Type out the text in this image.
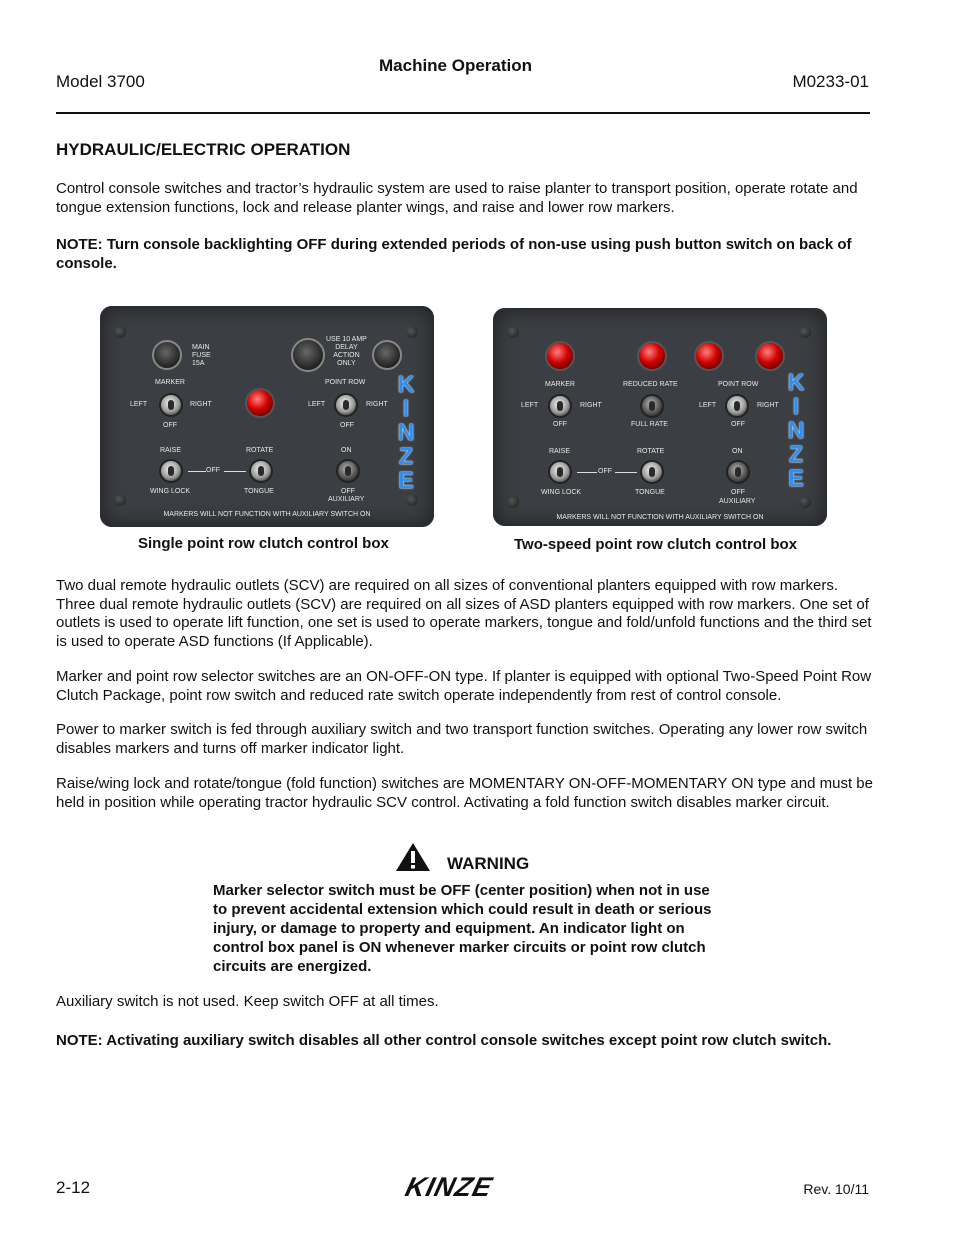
Machine Operation
Model 3700	M0233-01
HYDRAULIC/ELECTRIC OPERATION
Control console switches and tractor’s hydraulic system are used to raise planter to transport position, operate rotate and tongue extension functions, lock and release planter wings, and raise and lower row markers.
NOTE: Turn console backlighting OFF during extended periods of non-use using push button switch on back of console.
MAIN
FUSE
15A
USE 10 AMP
DELAY
ACTION
ONLY
MARKER
LEFT	RIGHT
OFF
POINT ROW
LEFT	RIGHT
OFF
RAISE
OFF
WING LOCK
ROTATE
TONGUE
ON
OFF
AUXILIARY
K
I
N
Z
E
MARKERS WILL NOT FUNCTION WITH AUXILIARY SWITCH ON
Single point row clutch control box
MARKER
LEFT	RIGHT
OFF
REDUCED RATE
FULL RATE
POINT ROW
LEFT	RIGHT
OFF
RAISE
OFF
WING LOCK
ROTATE
TONGUE
ON
OFF
AUXILIARY
K
I
N
Z
E
MARKERS WILL NOT FUNCTION WITH AUXILIARY SWITCH ON
Two-speed point row clutch control box
Two dual remote hydraulic outlets (SCV) are required on all sizes of conventional planters equipped with row markers. Three dual remote hydraulic outlets (SCV) are required on all sizes of ASD planters equipped with row markers. One set of outlets is used to operate lift function, one set is used to operate markers, tongue and fold/unfold functions and the third set is used to operate ASD functions (If Applicable).
Marker and point row selector switches are an ON-OFF-ON type. If planter is equipped with optional Two-Speed Point Row Clutch Package, point row switch and reduced rate switch operate independently from rest of control console.
Power to marker switch is fed through auxiliary switch and two transport function switches. Operating any lower row switch disables markers and turns off marker indicator light.
Raise/wing lock and rotate/tongue (fold function) switches are MOMENTARY ON-OFF-MOMENTARY ON type and must be held in position while operating tractor hydraulic SCV control. Activating a fold function switch disables marker circuit.
WARNING
Marker selector switch must be OFF (center position) when not in use to prevent accidental extension which could result in death or serious injury, or damage to property and equipment. An indicator light on control box panel is ON whenever marker circuits or point row clutch circuits are energized.
Auxiliary switch is not used. Keep switch OFF at all times.
NOTE: Activating auxiliary switch disables all other control console switches except point row clutch switch.
2-12	KINZE	Rev. 10/11
